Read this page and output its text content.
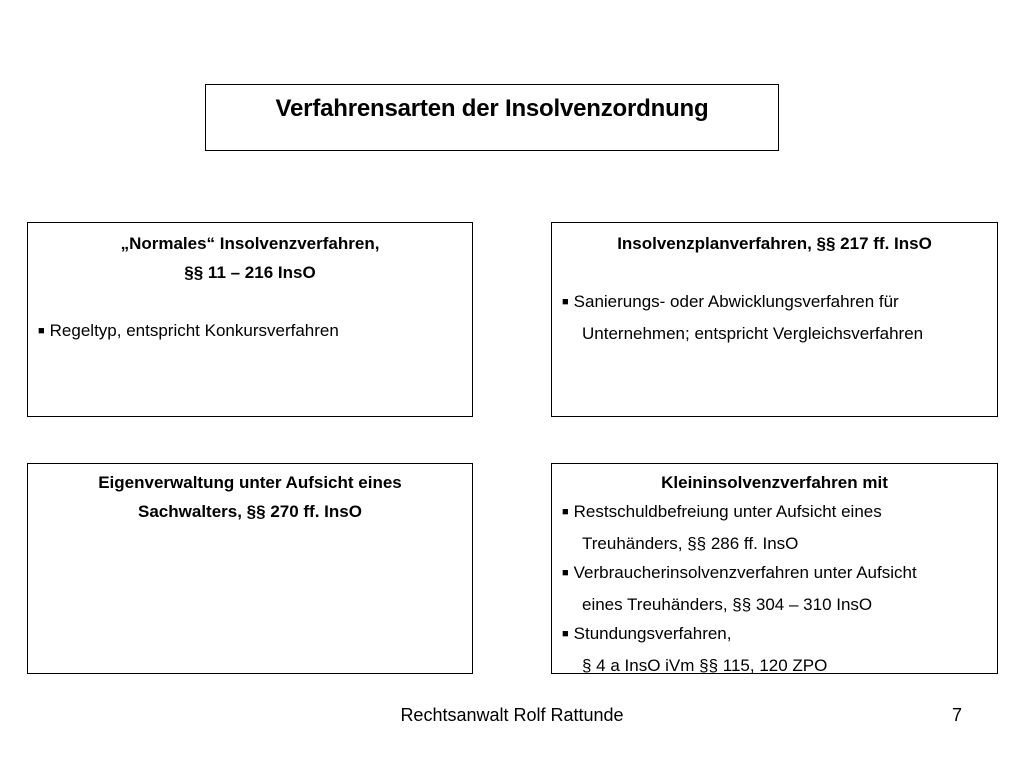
Verfahrensarten der Insolvenzordnung
„Normales“ Insolvenzverfahren,
§§ 11 – 216 InsO
■ Regeltyp, entspricht Konkursverfahren
Insolvenzplanverfahren, §§ 217 ff. InsO
■ Sanierungs- oder Abwicklungsverfahren für
Unternehmen; entspricht Vergleichsverfahren
Eigenverwaltung unter Aufsicht eines
Sachwalters, §§ 270 ff. InsO
Kleininsolvenzverfahren mit
■ Restschuldbefreiung unter Aufsicht eines
Treuhänders, §§ 286 ff. InsO
■ Verbraucherinsolvenzverfahren unter Aufsicht
eines Treuhänders, §§ 304 – 310 InsO
■ Stundungsverfahren,
§ 4 a InsO iVm §§ 115, 120 ZPO
Rechtsanwalt Rolf Rattunde	7
